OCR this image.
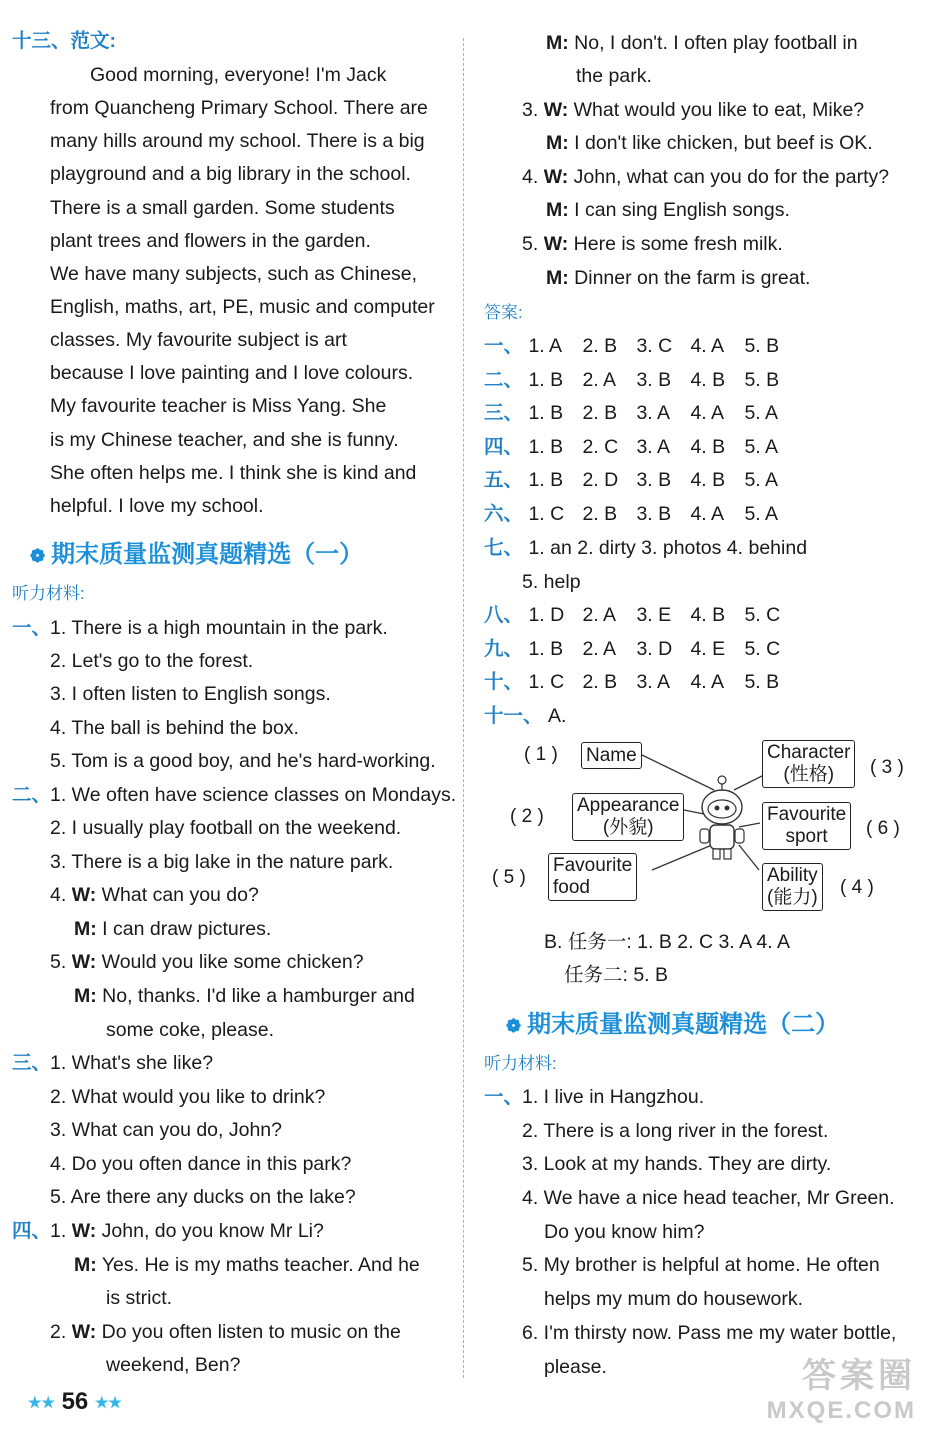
十三、范文:
Good morning, everyone! I'm Jack
from Quancheng Primary School. There are
many hills around my school. There is a big
playground and a big library in the school.
There is a small garden. Some students
plant trees and flowers in the garden.
We have many subjects, such as Chinese,
English, maths, art, PE, music and computer
classes. My favourite subject is art
because I love painting and I love colours.
My favourite teacher is Miss Yang. She
is my Chinese teacher, and she is funny.
She often helps me. I think she is kind and
helpful. I love my school.
❁ 期末质量监测真题精选（一）
听力材料:
一、
1. There is a high mountain in the park.
2. Let's go to the forest.
3. I often listen to English songs.
4. The ball is behind the box.
5. Tom is a good boy, and he's hard-working.
二、
1. We often have science classes on Mondays.
2. I usually play football on the weekend.
3. There is a big lake in the nature park.
4. W: What can you do?
M: I can draw pictures.
5. W: Would you like some chicken?
M: No, thanks. I'd like a hamburger and
some coke, please.
三、
1. What's she like?
2. What would you like to drink?
3. What can you do, John?
4. Do you often dance in this park?
5. Are there any ducks on the lake?
四、
1. W: John, do you know Mr Li?
M: Yes. He is my maths teacher. And he
is strict.
2. W: Do you often listen to music on the
weekend, Ben?
M: No, I don't. I often play football in
the park.
3. W: What would you like to eat, Mike?
M: I don't like chicken, but beef is OK.
4. W: John, what can you do for the party?
M: I can sing English songs.
5. W: Here is some fresh milk.
M: Dinner on the farm is great.
答案:
一、 1. A 2. B 3. C 4. A 5. B
二、 1. B 2. A 3. B 4. B 5. B
三、 1. B 2. B 3. A 4. A 5. A
四、 1. B 2. C 3. A 4. B 5. A
五、 1. B 2. D 3. B 4. B 5. A
六、 1. C 2. B 3. B 4. A 5. A
七、 1. an 2. dirty 3. photos 4. behind
5. help
八、 1. D 2. A 3. E 4. B 5. C
九、 1. B 2. A 3. D 4. E 5. C
十、 1. C 2. B 3. A 4. A 5. B
十一、 A.
( 1 ) Name	Character
(性格)	( 3 )
( 2 )
Appearance
(外貌)
Favourite
sport	( 6 )
( 5 )
Favourite
food
Ability
(能力) ( 4 )
B. 任务一: 1. B 2. C 3. A 4. A
任务二: 5. B
❁ 期末质量监测真题精选（二）
听力材料:
一、
1. I live in Hangzhou.
2. There is a long river in the forest.
3. Look at my hands. They are dirty.
4. We have a nice head teacher, Mr Green.
Do you know him?
5. My brother is helpful at home. He often
helps my mum do housework.
6. I'm thirsty now. Pass me my water bottle,
please.
★★ 56 ★★
答案圈
MXQE.COM
